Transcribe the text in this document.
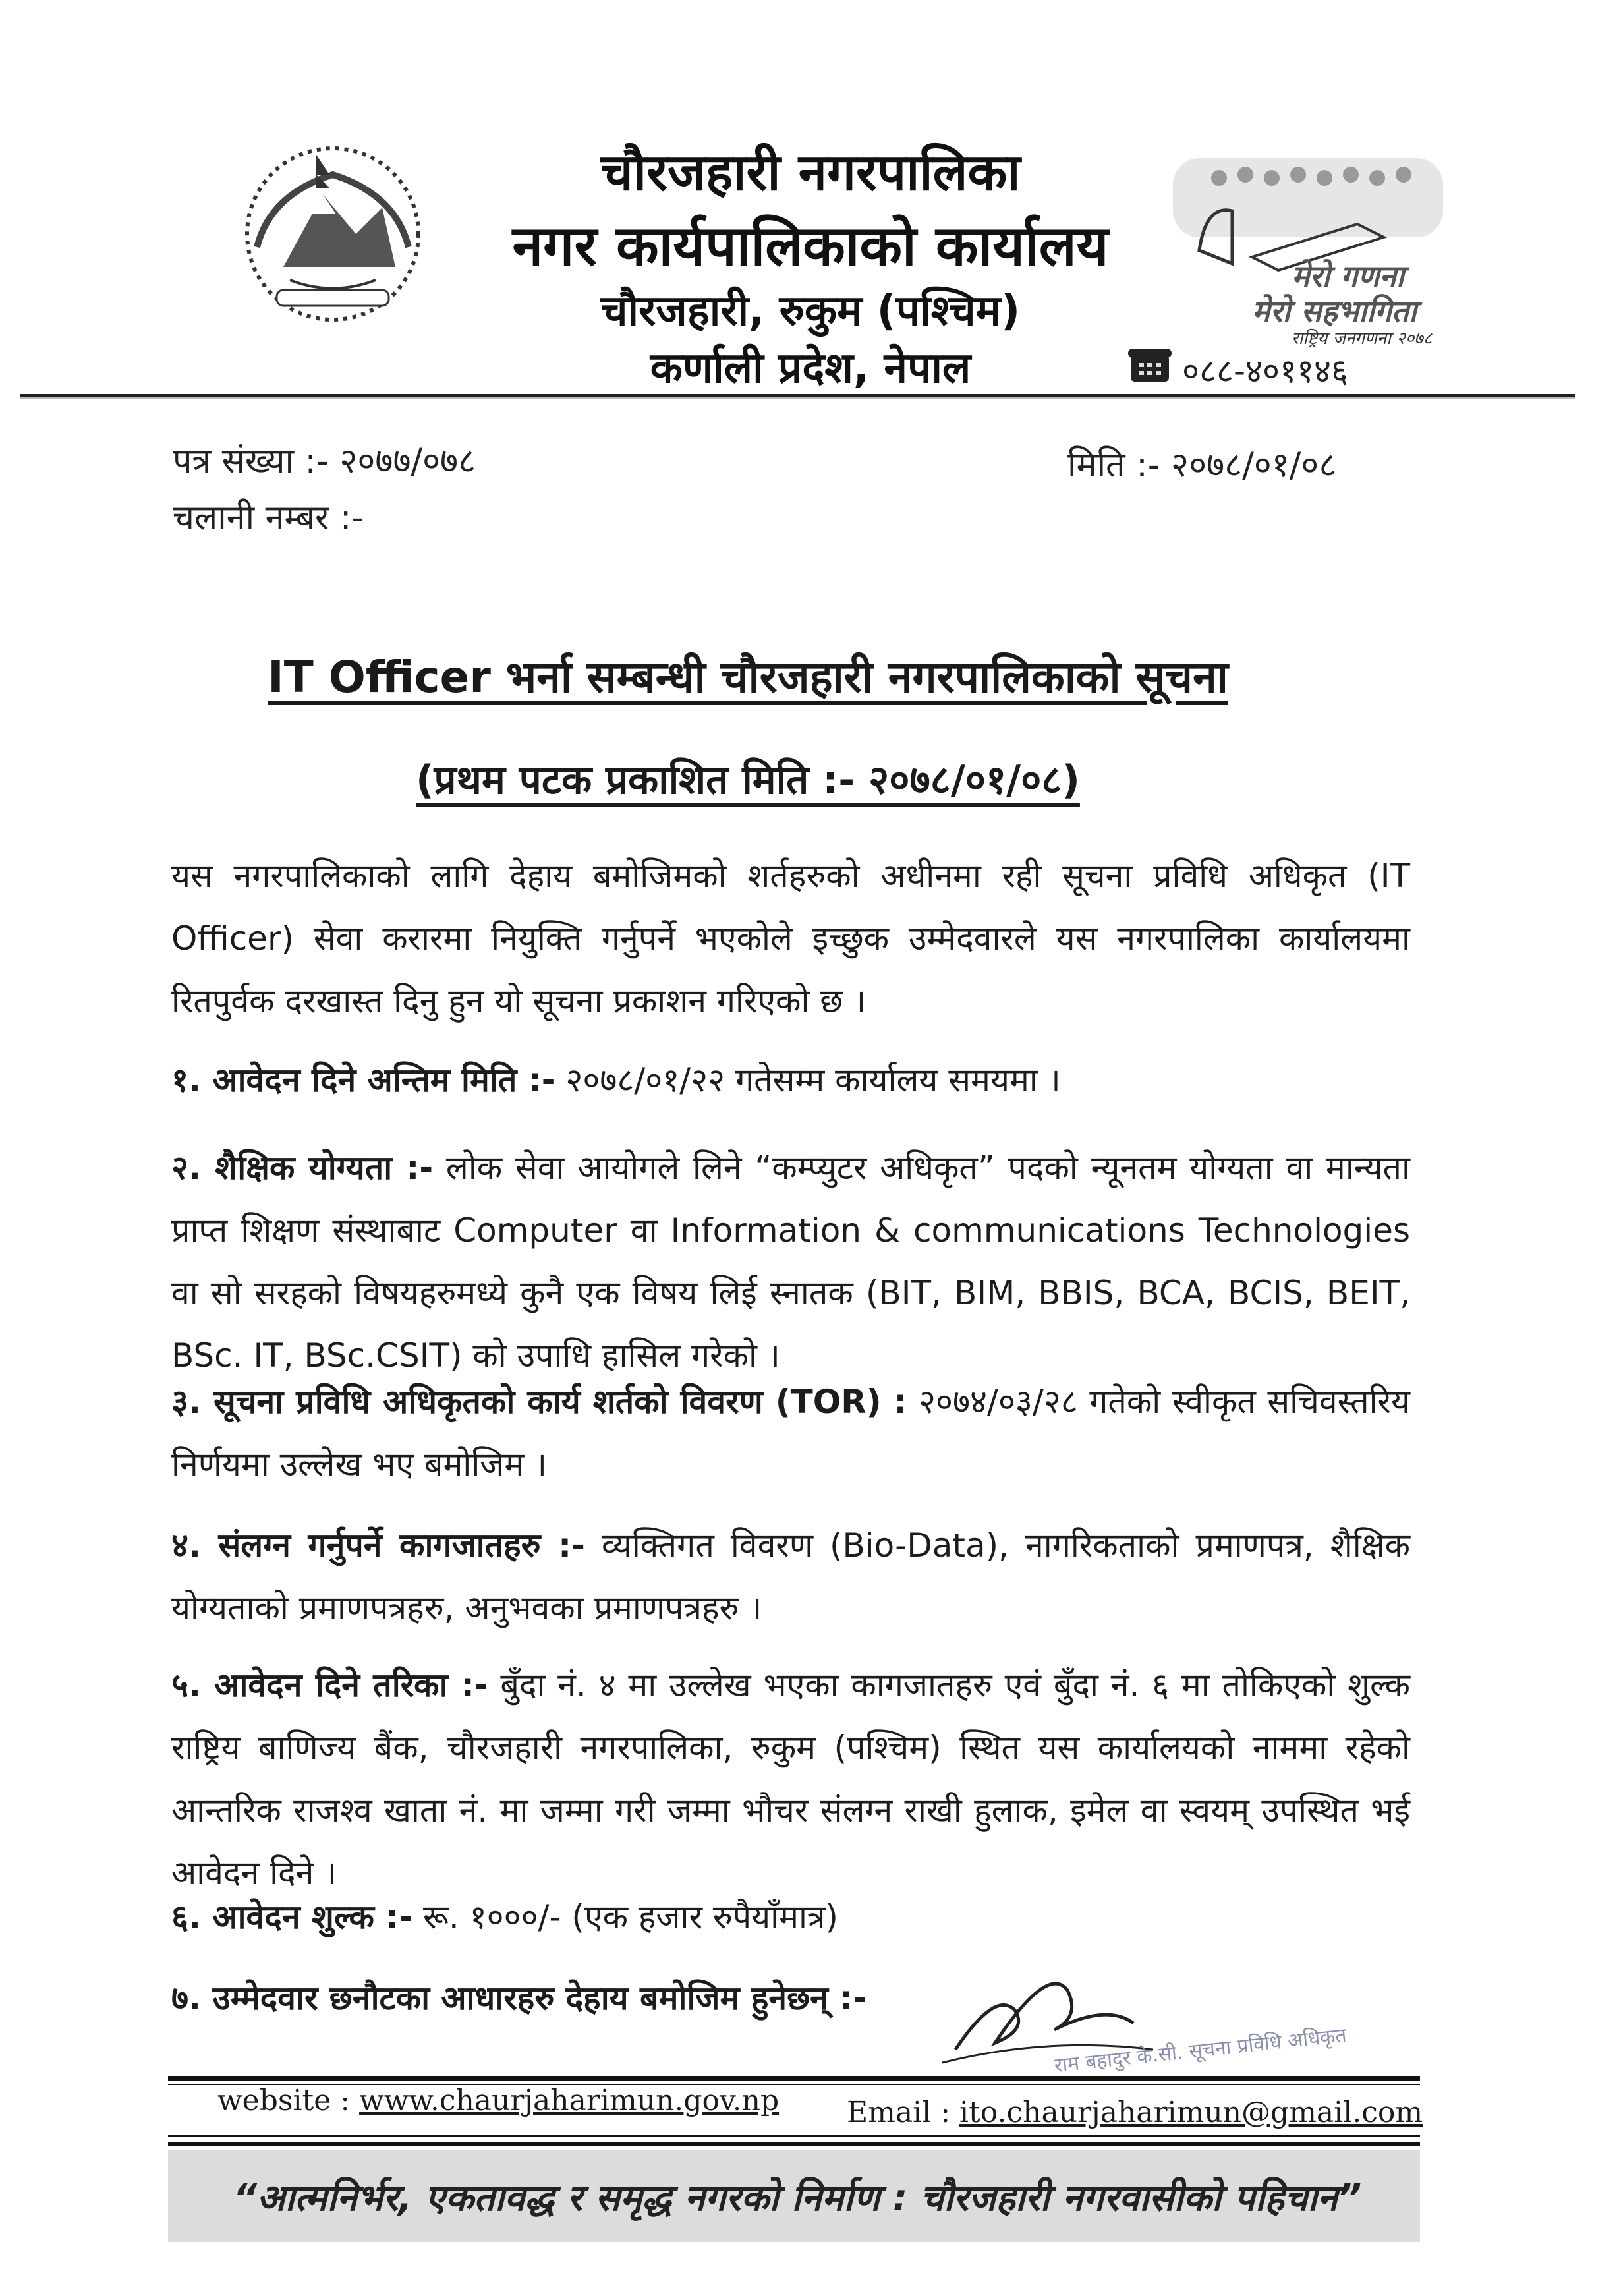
चौरजहारी नगरपालिका
नगर कार्यपालिकाको कार्यालय
चौरजहारी, रुकुम (पश्चिम)
कर्णाली प्रदेश, नेपाल
मेरो गणना
मेरो सहभागिता
राष्ट्रिय जनगणना २०७८
०८८-४०११४६
पत्र संख्या :- २०७७/०७८
चलानी नम्बर :-
मिति :- २०७८/०१/०८
IT Officer भर्ना सम्बन्धी चौरजहारी नगरपालिकाको सूचना
(प्रथम पटक प्रकाशित मिति :- २०७८/०१/०८)
यस नगरपालिकाको लागि देहाय बमोजिमको शर्तहरुको अधीनमा रही सूचना प्रविधि अधिकृत (IT Officer) सेवा करारमा नियुक्ति गर्नुपर्ने भएकोले इच्छुक उम्मेदवारले यस नगरपालिका कार्यालयमा रितपुर्वक दरखास्त दिनु हुन यो सूचना प्रकाशन गरिएको छ ।
१. आवेदन दिने अन्तिम मिति :- २०७८/०१/२२ गतेसम्म कार्यालय समयमा ।
२. शैक्षिक योग्यता :- लोक सेवा आयोगले लिने “कम्प्युटर अधिकृत” पदको न्यूनतम योग्यता वा मान्यता प्राप्त शिक्षण संस्थाबाट Computer वा Information & communications Technologies वा सो सरहको विषयहरुमध्ये कुनै एक विषय लिई स्नातक (BIT, BIM, BBIS, BCA, BCIS, BEIT, BSc. IT, BSc.CSIT) को उपाधि हासिल गरेको ।
३. सूचना प्रविधि अधिकृतको कार्य शर्तको विवरण (TOR) : २०७४/०३/२८ गतेको स्वीकृत सचिवस्तरिय निर्णयमा उल्लेख भए बमोजिम ।
४. संलग्न गर्नुपर्ने कागजातहरु :- व्यक्तिगत विवरण (Bio-Data), नागरिकताको प्रमाणपत्र, शैक्षिक योग्यताको प्रमाणपत्रहरु, अनुभवका प्रमाणपत्रहरु ।
५. आवेदन दिने तरिका :- बुँदा नं. ४ मा उल्लेख भएका कागजातहरु एवं बुँदा नं. ६ मा तोकिएको शुल्क राष्ट्रिय बाणिज्य बैंक, चौरजहारी नगरपालिका, रुकुम (पश्चिम) स्थित यस कार्यालयको नाममा रहेको आन्तरिक राजश्व खाता नं. मा जम्मा गरी जम्मा भौचर संलग्न राखी हुलाक, इमेल वा स्वयम् उपस्थित भई आवेदन दिने ।
६. आवेदन शुल्क :- रू. १०००/- (एक हजार रुपैयाँमात्र)
७. उम्मेदवार छनौटका आधारहरु देहाय बमोजिम हुनेछन् :-
राम बहादुर के.सी. सूचना प्रविधि अधिकृत
website : www.chaurjaharimun.gov.np Email : ito.chaurjaharimun@gmail.com
“आत्मनिर्भर, एकतावद्ध र समृद्ध नगरको निर्माण : चौरजहारी नगरवासीको पहिचान”
